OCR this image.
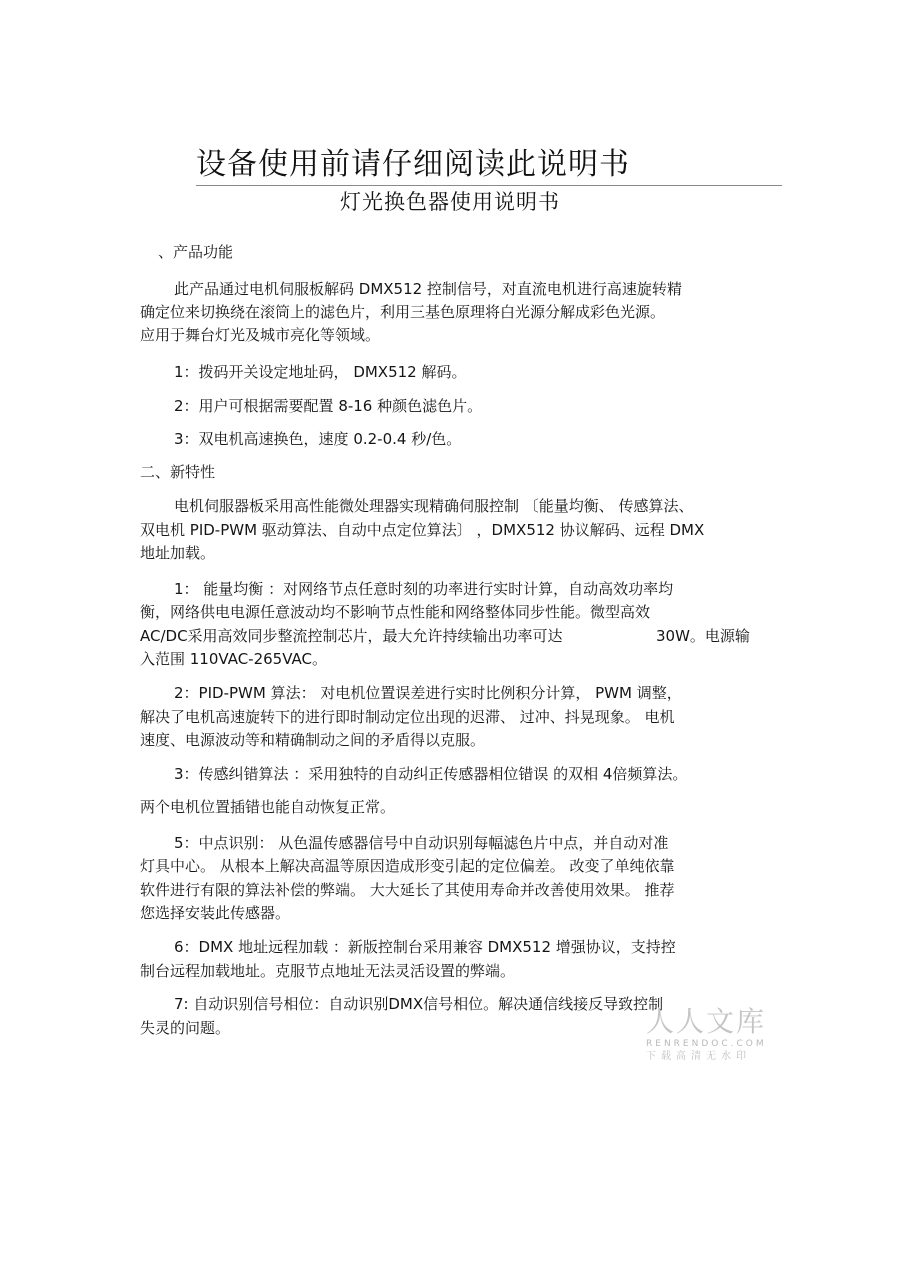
设备使用前请仔细阅读此说明书
灯光换色器使用说明书
、产品功能
此产品通过电机伺服板解码 DMX512 控制信号，对直流电机进行高速旋转精
确定位来切换绕在滚筒上的滤色片，利用三基色原理将白光源分解成彩色光源。
应用于舞台灯光及城市亮化等领域。
1：拨码开关设定地址码， DMX512 解码。
2：用户可根据需要配置 8-16 种颜色滤色片。
3：双电机高速换色，速度 0.2-0.4 秒/色。
二、新特性
电机伺服器板采用高性能微处理器实现精确伺服控制 〔能量均衡、 传感算法、
双电机 PID-PWM 驱动算法、自动中点定位算法〕 ，DMX512 协议解码、远程 DMX
地址加载。
1： 能量均衡 ：对网络节点任意时刻的功率进行实时计算，自动高效功率均
衡，网络供电电源任意波动均不影响节点性能和网络整体同步性能。微型高效
AC/DC采用高效同步整流控制芯片，最大允许持续输出功率可达	30W。电源输
入范围 110VAC-265VAC。
2：PID-PWM 算法： 对电机位置误差进行实时比例积分计算， PWM 调整，
解决了电机高速旋转下的进行即时制动定位出现的迟滞、 过冲、抖晃现象。 电机
速度、电源波动等和精确制动之间的矛盾得以克服。
3：传感纠错算法 ：采用独特的自动纠正传感器相位错误 的双相 4倍频算法。
两个电机位置插错也能自动恢复正常。
5：中点识别： 从色温传感器信号中自动识别每幅滤色片中点，并自动对准
灯具中心。 从根本上解决高温等原因造成形变引起的定位偏差。 改变了单纯依靠
软件进行有限的算法补偿的弊端。 大大延长了其使用寿命并改善使用效果。 推荐
您选择安装此传感器。
6：DMX 地址远程加载 ：新版控制台采用兼容 DMX512 增强协议，支持控
制台远程加载地址。克服节点地址无法灵活设置的弊端。
7: 自动识别信号相位：自动识别DMX信号相位。解决通信线接反导致控制
失灵的问题。	人人文库
RENRENDOC.COM
下载高清无水印
